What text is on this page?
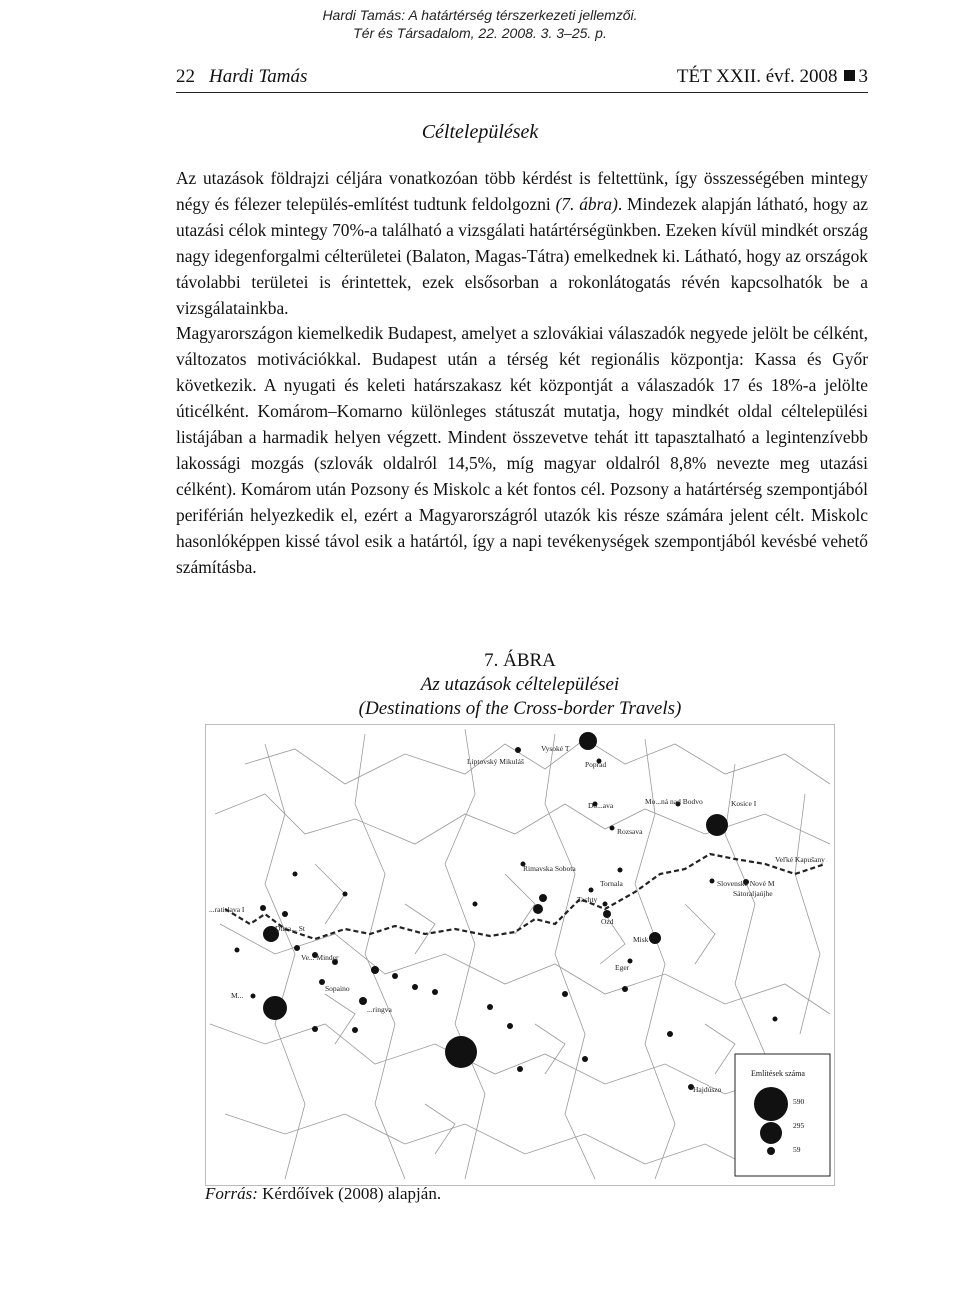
Hardi Tamás: A határtérség térszerkezeti jellemzői.
Tér és Társadalom, 22. 2008. 3. 3–25. p.
22 Hardi Tamás	TÉT XXII. évf. 2008 3
Céltelepülések

Az utazások földrajzi céljára vonatkozóan több kérdést is feltettünk, így összességében mintegy négy és félezer település-említést tudtunk feldolgozni (7. ábra). Mindezek alapján látható, hogy az utazási célok mintegy 70%-a található a vizsgálati határtérségünkben. Ezeken kívül mindkét ország nagy idegenforgalmi célterületei (Balaton, Magas-Tátra) emelkednek ki. Látható, hogy az országok távolabbi területei is érintettek, ezek elsősorban a rokonlátogatás révén kapcsolhatók be a vizsgálatainkba.

Magyarországon kiemelkedik Budapest, amelyet a szlovákiai válaszadók negyede jelölt be célként, változatos motivációkkal. Budapest után a térség két regionális központja: Kassa és Győr következik. A nyugati és keleti határszakasz két központját a válaszadók 17 és 18%-a jelölte úticélként. Komárom–Komarno különleges státuszát mutatja, hogy mindkét oldal céltelepülési listájában a harmadik helyen végzett. Mindent összevetve tehát itt tapasztalható a legintenzívebb lakossági mozgás (szlovák oldalról 14,5%, míg magyar oldalról 8,8% nevezte meg utazási célként). Komárom után Pozsony és Miskolc a két fontos cél. Pozsony a határtérség szempontjából periférián helyezkedik el, ezért a Magyarországról utazók kis része számára jelent célt. Miskolc hasonlóképpen kissé távol esik a határtól, így a napi tevékenységek szempontjából kevésbé vehető számításba.

7. ÁBRA
Az utazások céltelepülései
(Destinations of the Cross-border Travels)
Vysoké T
Liptovský Mikuláš	Poprad
Do...ava	Mo...ná nad Bodvo	Kosice I
Rozsava
Rimavska Sobota
Veľké Kapušany
Tornala	Slovenské Nové M
Sátoraljaújhe
Tachty
Ozd
Misk
Eger
Hajdúszo
Duna... St
Ve... Minder
Sopaino
...ringva
...ratislava I
M...
Említések száma
590
295
59
Forrás: Kérdőívek (2008) alapján.
